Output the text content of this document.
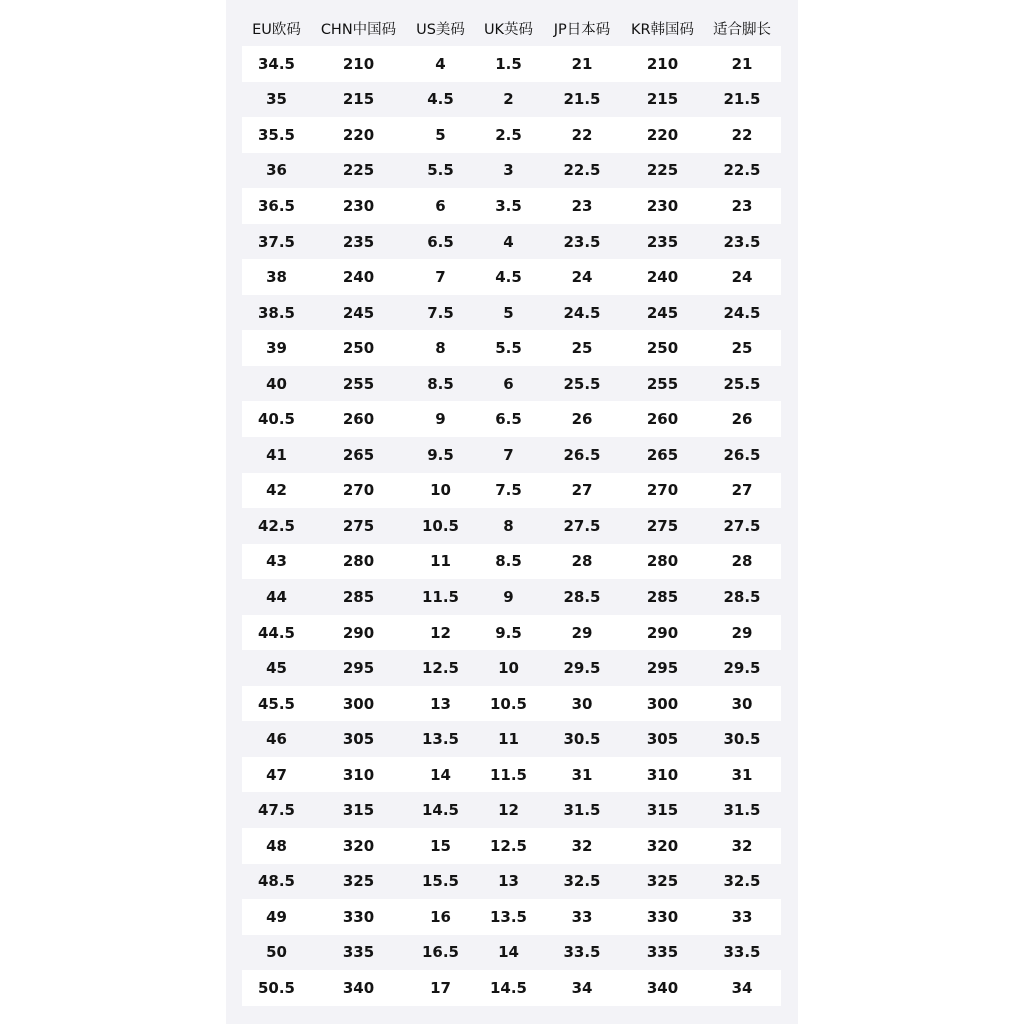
EU欧码	CHN中国码	US美码	UK英码	JP日本码	KR韩国码	适合脚长
34.5	210	4	1.5	21	210	21
35	215	4.5	2	21.5	215	21.5
35.5	220	5	2.5	22	220	22
36	225	5.5	3	22.5	225	22.5
36.5	230	6	3.5	23	230	23
37.5	235	6.5	4	23.5	235	23.5
38	240	7	4.5	24	240	24
38.5	245	7.5	5	24.5	245	24.5
39	250	8	5.5	25	250	25
40	255	8.5	6	25.5	255	25.5
40.5	260	9	6.5	26	260	26
41	265	9.5	7	26.5	265	26.5
42	270	10	7.5	27	270	27
42.5	275	10.5	8	27.5	275	27.5
43	280	11	8.5	28	280	28
44	285	11.5	9	28.5	285	28.5
44.5	290	12	9.5	29	290	29
45	295	12.5	10	29.5	295	29.5
45.5	300	13	10.5	30	300	30
46	305	13.5	11	30.5	305	30.5
47	310	14	11.5	31	310	31
47.5	315	14.5	12	31.5	315	31.5
48	320	15	12.5	32	320	32
48.5	325	15.5	13	32.5	325	32.5
49	330	16	13.5	33	330	33
50	335	16.5	14	33.5	335	33.5
50.5	340	17	14.5	34	340	34
